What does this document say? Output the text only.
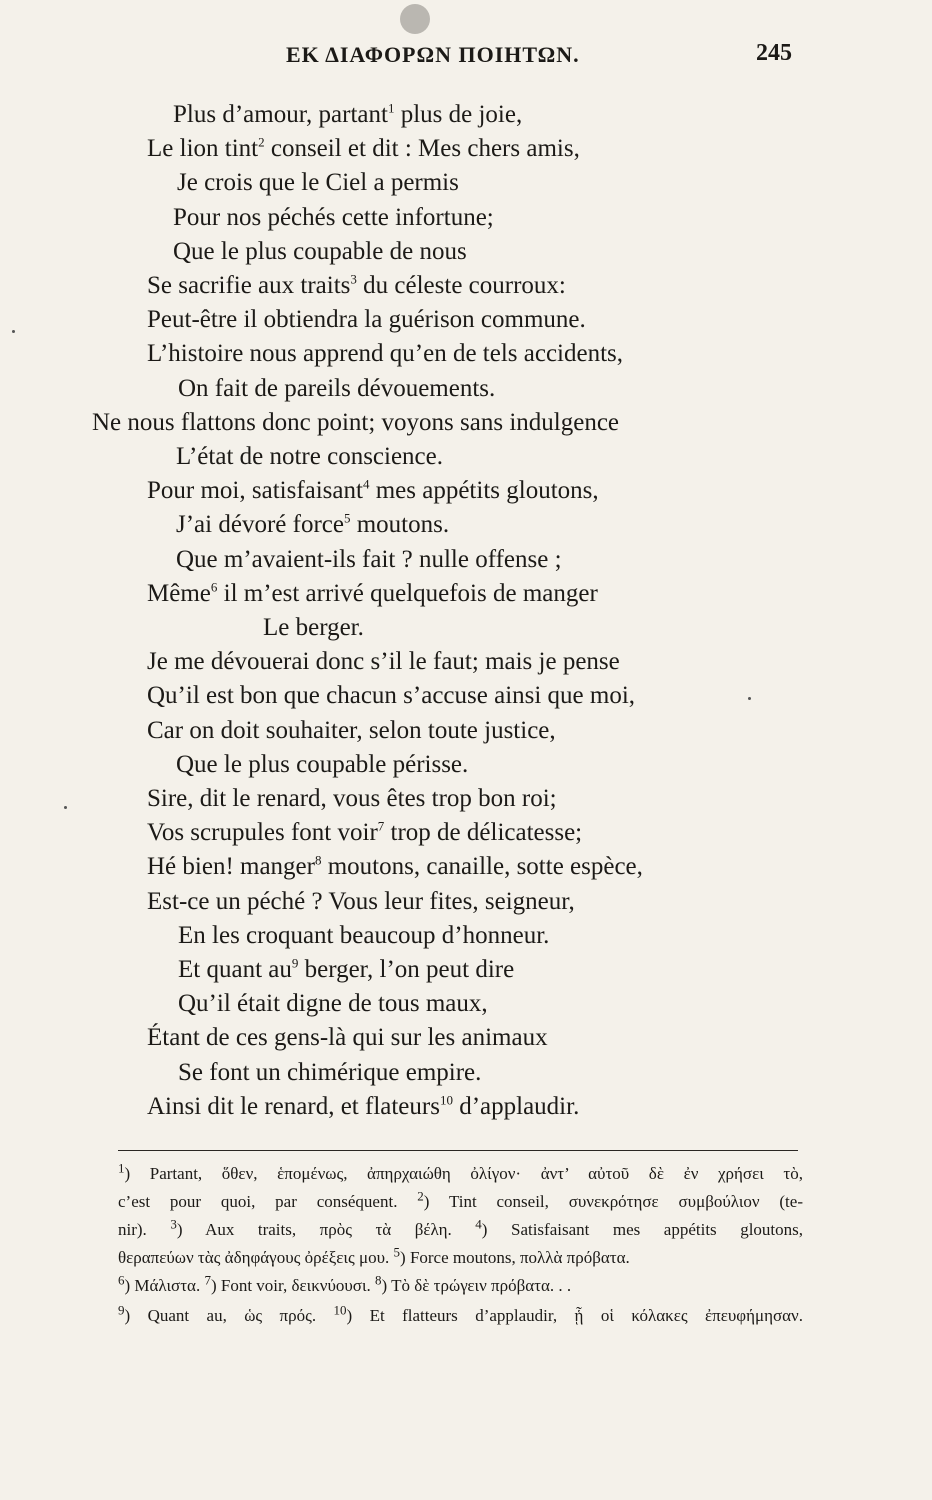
ΕΚ ΔΙΑΦΟΡΩΝ ΠΟΙΗΤΩΝ.	245
Plus d’amour, partant$^1$ plus de joie,
Le lion tint$^2$ conseil et dit : Mes chers amis,
Je crois que le Ciel a permis
Pour nos péchés cette infortune;
Que le plus coupable de nous
Se sacrifie aux traits$^3$ du céleste courroux:
Peut-être il obtiendra la guérison commune.
L’histoire nous apprend qu’en de tels accidents,
On fait de pareils dévouements.
Ne nous flattons donc point; voyons sans indulgence
L’état de notre conscience.
Pour moi, satisfaisant$^4$ mes appétits gloutons,
J’ai dévoré force$^5$ moutons.
Que m’avaient-ils fait ? nulle offense ;
Même$^6$ il m’est arrivé quelquefois de manger
Le berger.
Je me dévouerai donc s’il le faut; mais je pense
Qu’il est bon que chacun s’accuse ainsi que moi,
Car on doit souhaiter, selon toute justice,
Que le plus coupable périsse.
Sire, dit le renard, vous êtes trop bon roi;
Vos scrupules font voir$^7$ trop de délicatesse;
Hé bien! manger$^8$ moutons, canaille, sotte espèce,
Est-ce un péché ? Vous leur fites, seigneur,
En les croquant beaucoup d’honneur.
Et quant $au^9$ berger, l’on peut dire
Qu’il était digne de tous maux,
Étant de ces gens-là qui sur les animaux
Se font un chimérique empire.
Ainsi dit le renard, et flateurs$^{10}$ d’applaudir.
$^1$) Partant, ὅθεν, ἑπομένως, ἀπηρχαιώθη ὀλίγον· ἀντ’ αὐτοῦ δὲ ἐν χρήσει τὸ,
c’est pour quoi, par conséquent. $^2$) Tint conseil, συνεκρότησε συμβούλιον (te-
nir). $^3$) Aux traits, πρὸς τὰ βέλη. $^4$) Satisfaisant mes appétits gloutons,
θεραπεύων τὰς ἀδηφάγους ὀρέξεις μου. $^5$) Force moutons, πολλὰ πρόβατα.
$^6$) Μάλιστα. $^7$) Font voir, δεικνύουσι. $^8$) Τὸ δὲ τρώγειν πρόβατα. . .
$^9$) Quant au, ὡς πρός. $^{10}$) Et flatteurs d’applaudir, ᾗ οἱ κόλακες ἐπευφήμησαν.
